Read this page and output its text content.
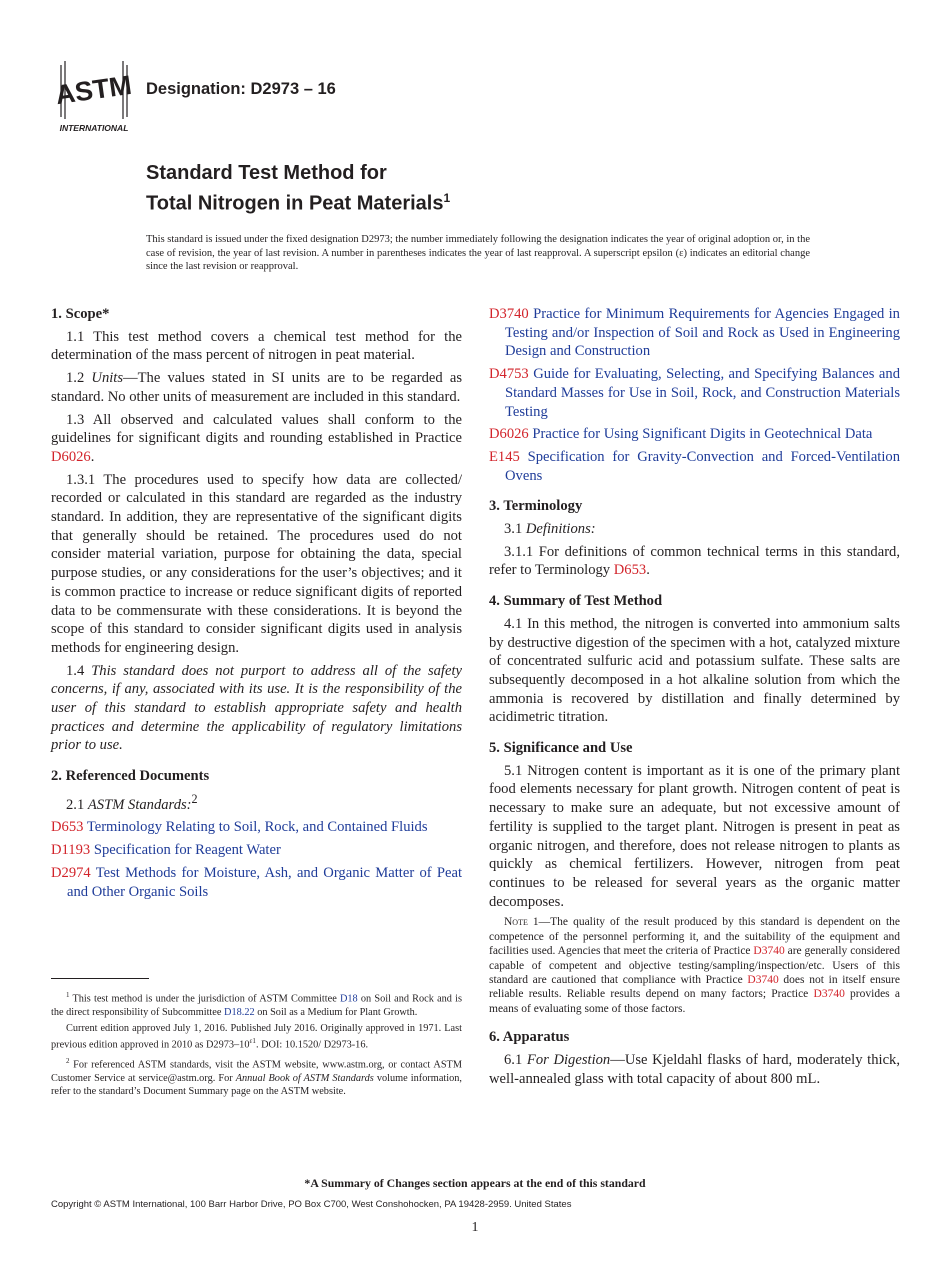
ASTM
INTERNATIONAL
Designation: D2973 – 16
Standard Test Method for
Total Nitrogen in Peat Materials$^1$
This standard is issued under the fixed designation D2973; the number immediately following the designation indicates the year of original adoption or, in the case of revision, the year of last revision. A number in parentheses indicates the year of last reapproval. A superscript epsilon (ε) indicates an editorial change since the last revision or reapproval.
1. Scope*

1.1 This test method covers a chemical test method for the determination of the mass percent of nitrogen in peat material.

1.2 Units—The values stated in SI units are to be regarded as standard. No other units of measurement are included in this standard.

1.3 All observed and calculated values shall conform to the guidelines for significant digits and rounding established in Practice D6026.

1.3.1 The procedures used to specify how data are collected/ recorded or calculated in this standard are regarded as the industry standard. In addition, they are representative of the significant digits that generally should be retained. The procedures used do not consider material variation, purpose for obtaining the data, special purpose studies, or any considerations for the user’s objectives; and it is common practice to increase or reduce significant digits of reported data to be commensurate with these considerations. It is beyond the scope of this standard to consider significant digits used in analysis methods for engineering design.

1.4 This standard does not purport to address all of the safety concerns, if any, associated with its use. It is the responsibility of the user of this standard to establish appropriate safety and health practices and determine the applicability of regulatory limitations prior to use.

2. Referenced Documents

2.1 ASTM Standards:$^2$

D653 Terminology Relating to Soil, Rock, and Contained Fluids

D1193 Specification for Reagent Water

D2974 Test Methods for Moisture, Ash, and Organic Matter of Peat and Other Organic Soils

D3740 Practice for Minimum Requirements for Agencies Engaged in Testing and/or Inspection of Soil and Rock as Used in Engineering Design and Construction

D4753 Guide for Evaluating, Selecting, and Specifying Balances and Standard Masses for Use in Soil, Rock, and Construction Materials Testing

D6026 Practice for Using Significant Digits in Geotechnical Data

E145 Specification for Gravity-Convection and Forced-Ventilation Ovens

3. Terminology

3.1 Definitions:

3.1.1 For definitions of common technical terms in this standard, refer to Terminology D653.

4. Summary of Test Method

4.1 In this method, the nitrogen is converted into ammonium salts by destructive digestion of the specimen with a hot, catalyzed mixture of concentrated sulfuric acid and potassium sulfate. These salts are subsequently decomposed in a hot alkaline solution from which the ammonia is recovered by distillation and finally determined by acidimetric titration.

5. Significance and Use

5.1 Nitrogen content is important as it is one of the primary plant food elements necessary for plant growth. Nitrogen content of peat is necessary to make sure an adequate, but not excessive amount of fertility is supplied to the target plant. Nitrogen is present in peat as organic nitrogen, and therefore, does not release nitrogen to plants as quickly as chemical fertilizers. However, nitrogen from peat continues to be released for several years as the organic matter decomposes.

Note 1—The quality of the result produced by this standard is dependent on the competence of the personnel performing it, and the suitability of the equipment and facilities used. Agencies that meet the criteria of Practice D3740 are generally considered capable of competent and objective testing/sampling/inspection/etc. Users of this standard are cautioned that compliance with Practice D3740 does not in itself ensure reliable results. Reliable results depend on many factors; Practice D3740 provides a means of evaluating some of those factors.

6. Apparatus

6.1 For Digestion—Use Kjeldahl flasks of hard, moderately thick, well-annealed glass with total capacity of about 800 mL.

$^1$ This test method is under the jurisdiction of ASTM Committee D18 on Soil and Rock and is the direct responsibility of Subcommittee D18.22 on Soil as a Medium for Plant Growth.

Current edition approved July 1, 2016. Published July 2016. Originally approved in 1971. Last previous edition approved in 2010 as $D2973-10^{\varepsilon 1}$. DOI: 10.1520/ D2973-16.

$^2$ For referenced ASTM standards, visit the ASTM website, www.astm.org, or contact ASTM Customer Service at service@astm.org. For Annual Book of ASTM Standards volume information, refer to the standard’s Document Summary page on the ASTM website.

*A Summary of Changes section appears at the end of this standard
Copyright © ASTM International, 100 Barr Harbor Drive, PO Box C700, West Conshohocken, PA 19428-2959. United States
1
